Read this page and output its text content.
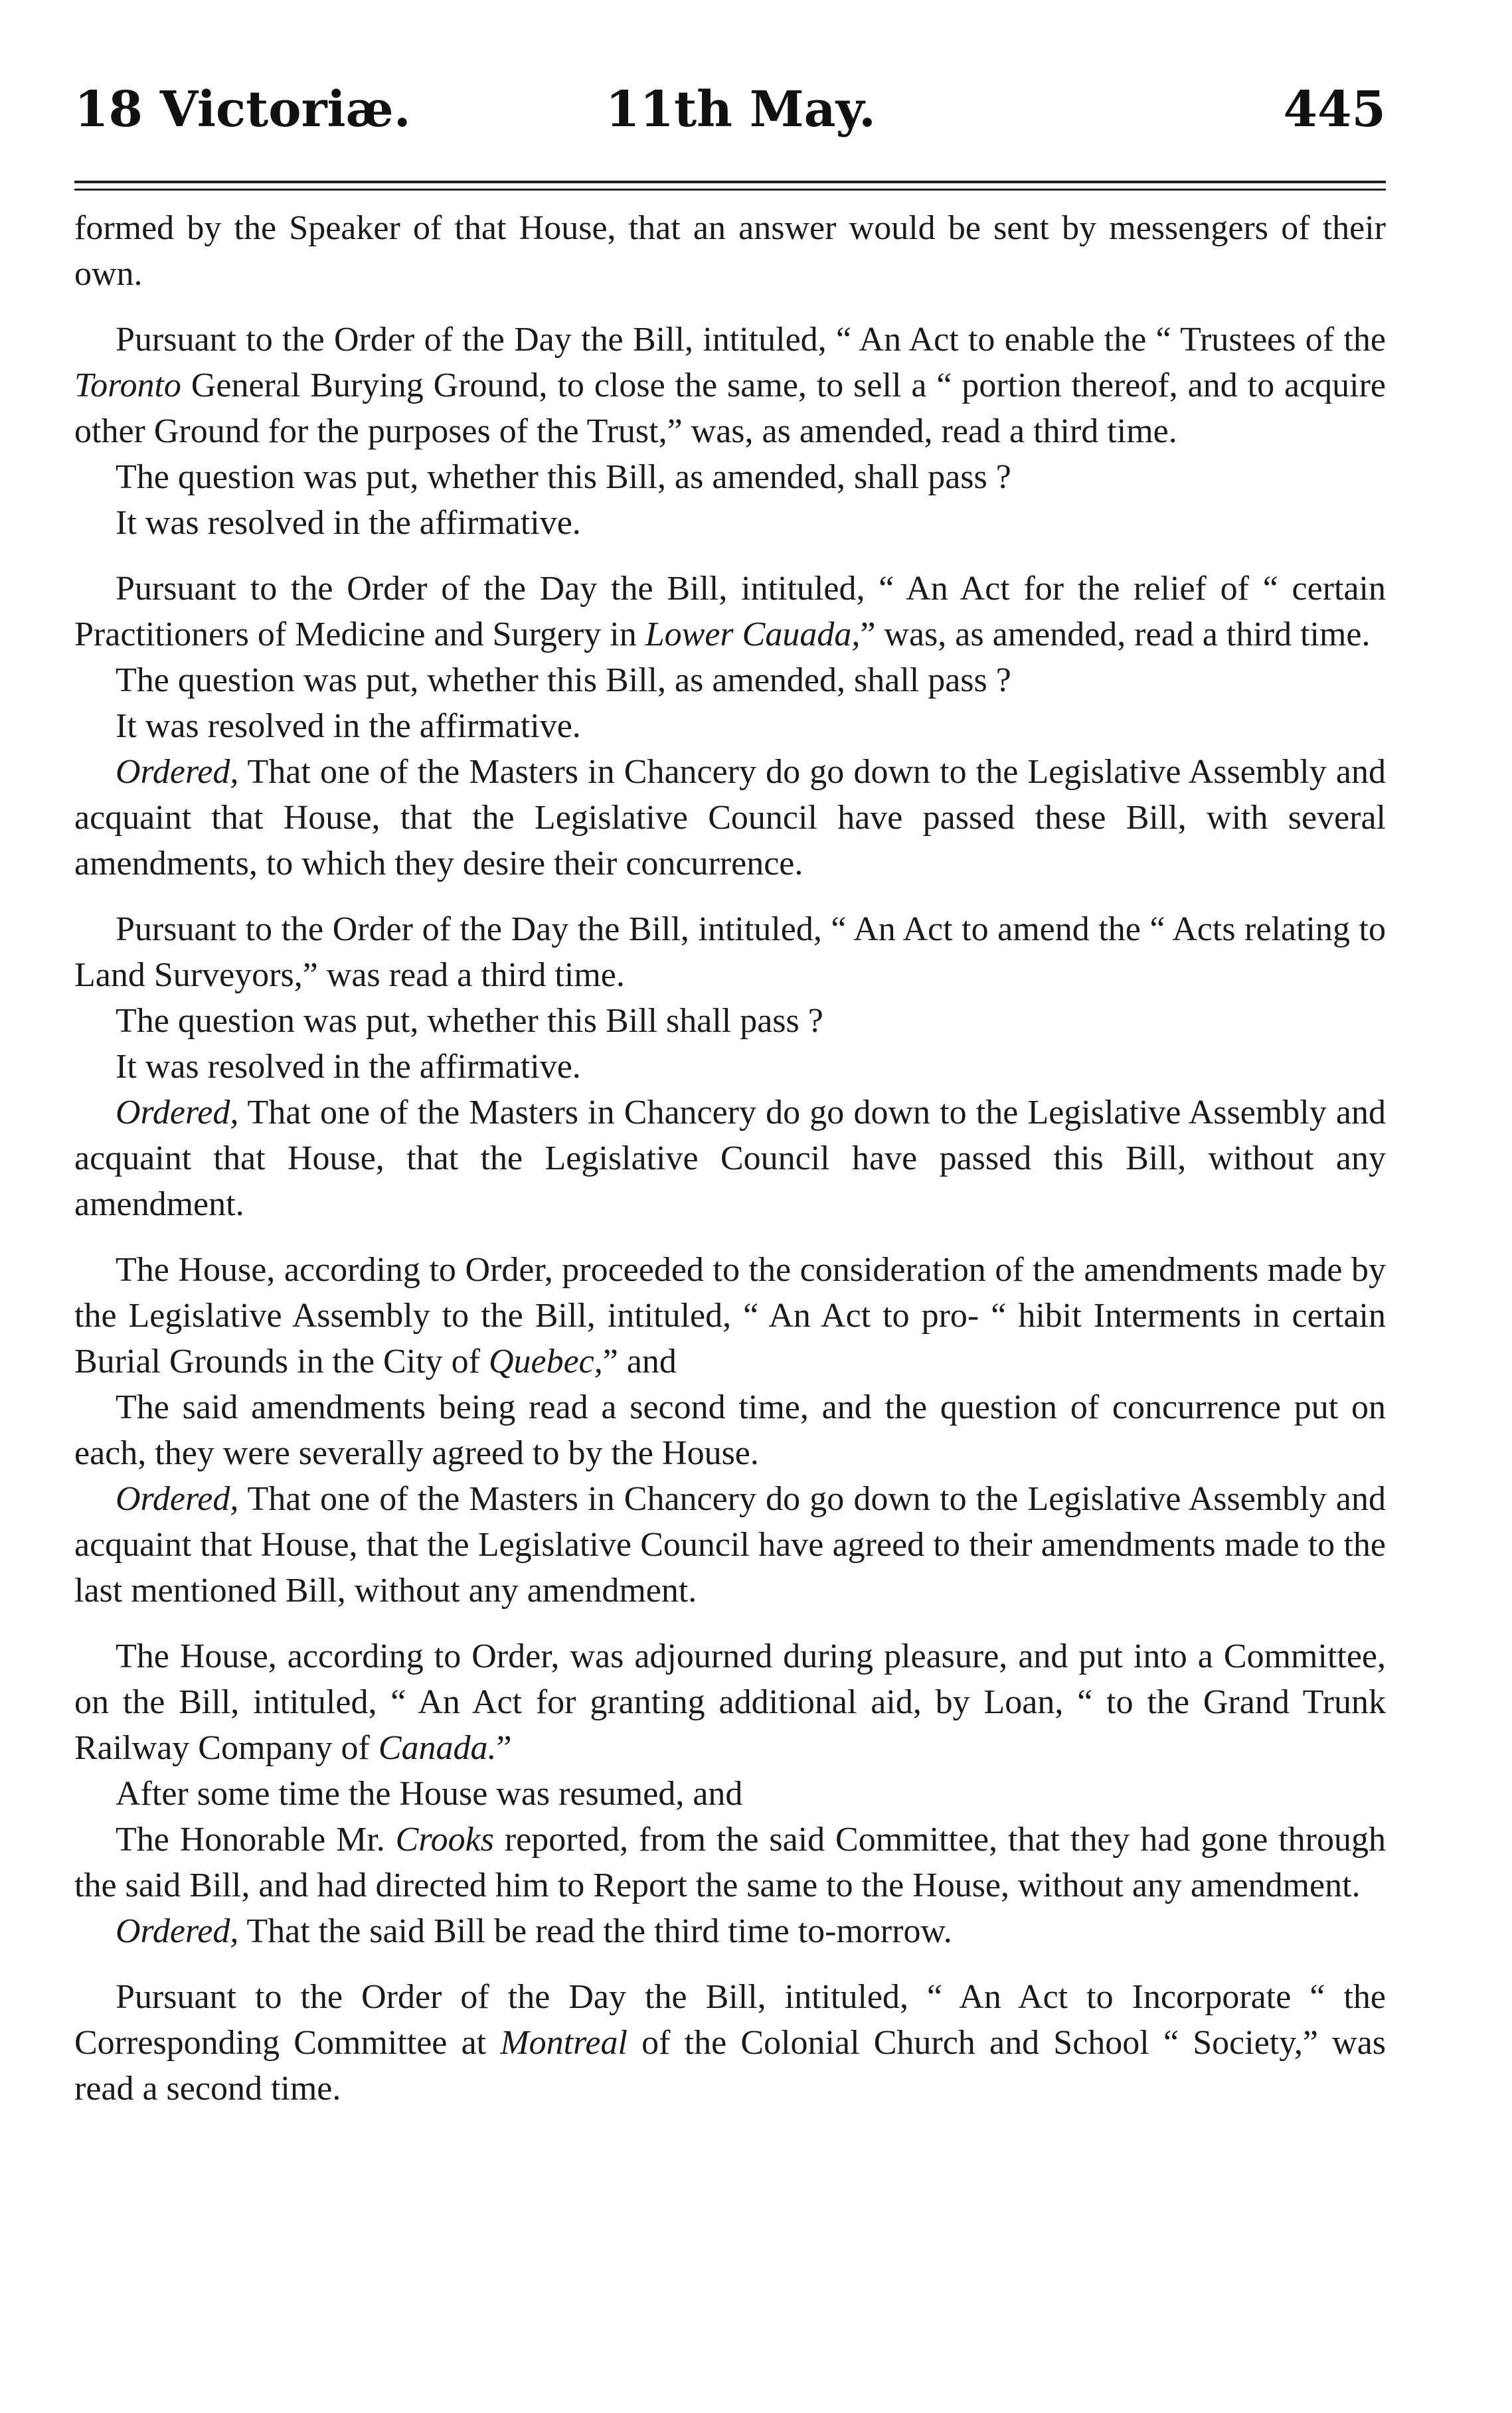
18 Victoriæ.	11th May.	445

formed by the Speaker of that House, that an answer would be sent by messengers of their own.

Pursuant to the Order of the Day the Bill, intituled, “ An Act to enable the “ Trustees of the Toronto General Burying Ground, to close the same, to sell a “ portion thereof, and to acquire other Ground for the purposes of the Trust,” was, as amended, read a third time.

The question was put, whether this Bill, as amended, shall pass ?

It was resolved in the affirmative.

Pursuant to the Order of the Day the Bill, intituled, “ An Act for the relief of “ certain Practitioners of Medicine and Surgery in Lower Cauada,” was, as amended, read a third time.

The question was put, whether this Bill, as amended, shall pass ?

It was resolved in the affirmative.

Ordered, That one of the Masters in Chancery do go down to the Legislative Assembly and acquaint that House, that the Legislative Council have passed these Bill, with several amendments, to which they desire their concurrence.

Pursuant to the Order of the Day the Bill, intituled, “ An Act to amend the “ Acts relating to Land Surveyors,” was read a third time.

The question was put, whether this Bill shall pass ?

It was resolved in the affirmative.

Ordered, That one of the Masters in Chancery do go down to the Legislative Assembly and acquaint that House, that the Legislative Council have passed this Bill, without any amendment.

The House, according to Order, proceeded to the consideration of the amendments made by the Legislative Assembly to the Bill, intituled, “ An Act to pro- “ hibit Interments in certain Burial Grounds in the City of Quebec,” and

The said amendments being read a second time, and the question of concurrence put on each, they were severally agreed to by the House.

Ordered, That one of the Masters in Chancery do go down to the Legislative Assembly and acquaint that House, that the Legislative Council have agreed to their amendments made to the last mentioned Bill, without any amendment.

The House, according to Order, was adjourned during pleasure, and put into a Committee, on the Bill, intituled, “ An Act for granting additional aid, by Loan, “ to the Grand Trunk Railway Company of Canada.”

After some time the House was resumed, and

The Honorable Mr. Crooks reported, from the said Committee, that they had gone through the said Bill, and had directed him to Report the same to the House, without any amendment.

Ordered, That the said Bill be read the third time to-morrow.

Pursuant to the Order of the Day the Bill, intituled, “ An Act to Incorporate “ the Corresponding Committee at Montreal of the Colonial Church and School “ Society,” was read a second time.
